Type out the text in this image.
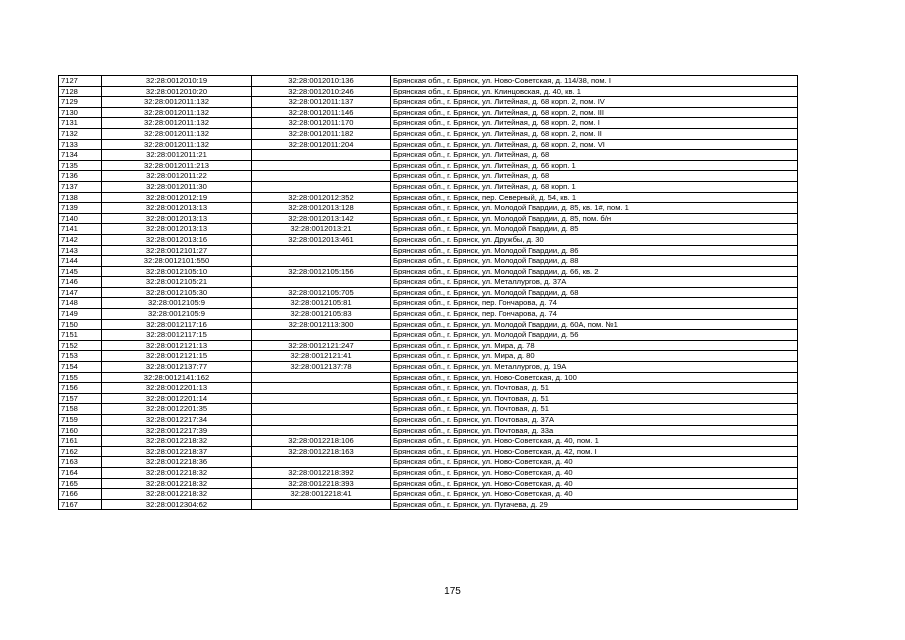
7127	32:28:0012010:19	32:28:0012010:136	Брянская обл., г. Брянск, ул. Ново-Советская, д. 114/38, пом. I
7128	32:28:0012010:20	32:28:0012010:246	Брянская обл., г. Брянск, ул. Клинцовская, д. 40, кв. 1
7129	32:28:0012011:132	32:28:0012011:137	Брянская обл., г. Брянск, ул. Литейная, д. 68 корп. 2, пом. IV
7130	32:28:0012011:132	32:28:0012011:146	Брянская обл., г. Брянск, ул. Литейная, д. 68 корп. 2, пом. III
7131	32:28:0012011:132	32:28:0012011:170	Брянская обл., г. Брянск, ул. Литейная, д. 68 корп. 2, пом. I
7132	32:28:0012011:132	32:28:0012011:182	Брянская обл., г. Брянск, ул. Литейная, д. 68 корп. 2, пом. II
7133	32:28:0012011:132	32:28:0012011:204	Брянская обл., г. Брянск, ул. Литейная, д. 68 корп. 2, пом. VI
7134	32:28:0012011:21		Брянская обл., г. Брянск, ул. Литейная, д. 68
7135	32:28:0012011:213		Брянская обл., г. Брянск, ул. Литейная, д. 66 корп. 1
7136	32:28:0012011:22		Брянская обл., г. Брянск, ул. Литейная, д. 68
7137	32:28:0012011:30		Брянская обл., г. Брянск, ул. Литейная, д. 68 корп. 1
7138	32:28:0012012:19	32:28:0012012:352	Брянская обл., г. Брянск, пер. Северный, д. 54, кв. 1
7139	32:28:0012013:13	32:28:0012013:128	Брянская обл., г. Брянск, ул. Молодой Гвардии, д. 85, кв. 1#, пом. 1
7140	32:28:0012013:13	32:28:0012013:142	Брянская обл., г. Брянск, ул. Молодой Гвардии, д. 85, пом. б/н
7141	32:28:0012013:13	32:28:0012013:21	Брянская обл., г. Брянск, ул. Молодой Гвардии, д. 85
7142	32:28:0012013:16	32:28:0012013:461	Брянская обл., г. Брянск, ул. Дружбы, д. 30
7143	32:28:0012101:27		Брянская обл., г. Брянск, ул. Молодой Гвардии, д. 86
7144	32:28:0012101:550		Брянская обл., г. Брянск, ул. Молодой Гвардии, д. 88
7145	32:28:0012105:10	32:28:0012105:156	Брянская обл., г. Брянск, ул. Молодой Гвардии, д. 66, кв. 2
7146	32:28:0012105:21		Брянская обл., г. Брянск, ул. Металлургов, д. 37А
7147	32:28:0012105:30	32:28:0012105:705	Брянская обл., г. Брянск, ул. Молодой Гвардии, д. 68
7148	32:28:0012105:9	32:28:0012105:81	Брянская обл., г. Брянск, пер. Гончарова, д. 74
7149	32:28:0012105:9	32:28:0012105:83	Брянская обл., г. Брянск, пер. Гончарова, д. 74
7150	32:28:0012117:16	32:28:0012113:300	Брянская обл., г. Брянск, ул. Молодой Гвардии, д. 60А, пом. №1
7151	32:28:0012117:15		Брянская обл., г. Брянск, ул. Молодой Гвардии, д. 56
7152	32:28:0012121:13	32:28:0012121:247	Брянская обл., г. Брянск, ул. Мира, д. 78
7153	32:28:0012121:15	32:28:0012121:41	Брянская обл., г. Брянск, ул. Мира, д. 80
7154	32:28:0012137:77	32:28:0012137:78	Брянская обл., г. Брянск, ул. Металлургов, д. 19А
7155	32:28:0012141:162		Брянская обл., г. Брянск, ул. Ново-Советская, д. 100
7156	32:28:0012201:13		Брянская обл., г. Брянск, ул. Почтовая, д. 51
7157	32:28:0012201:14		Брянская обл., г. Брянск, ул. Почтовая, д. 51
7158	32:28:0012201:35		Брянская обл., г. Брянск, ул. Почтовая, д. 51
7159	32:28:0012217:34		Брянская обл., г. Брянск, ул. Почтовая, д. 37А
7160	32:28:0012217:39		Брянская обл., г. Брянск, ул. Почтовая, д. 33а
7161	32:28:0012218:32	32:28:0012218:106	Брянская обл., г. Брянск, ул. Ново-Советская, д. 40, пом. 1
7162	32:28:0012218:37	32:28:0012218:163	Брянская обл., г. Брянск, ул. Ново-Советская, д. 42, пом. I
7163	32:28:0012218:36		Брянская обл., г. Брянск, ул. Ново-Советская, д. 40
7164	32:28:0012218:32	32:28:0012218:392	Брянская обл., г. Брянск, ул. Ново-Советская, д. 40
7165	32:28:0012218:32	32:28:0012218:393	Брянская обл., г. Брянск, ул. Ново-Советская, д. 40
7166	32:28:0012218:32	32:28:0012218:41	Брянская обл., г. Брянск, ул. Ново-Советская, д. 40
7167	32:28:0012304:62		Брянская обл., г. Брянск, ул. Пугачева, д. 29
175
